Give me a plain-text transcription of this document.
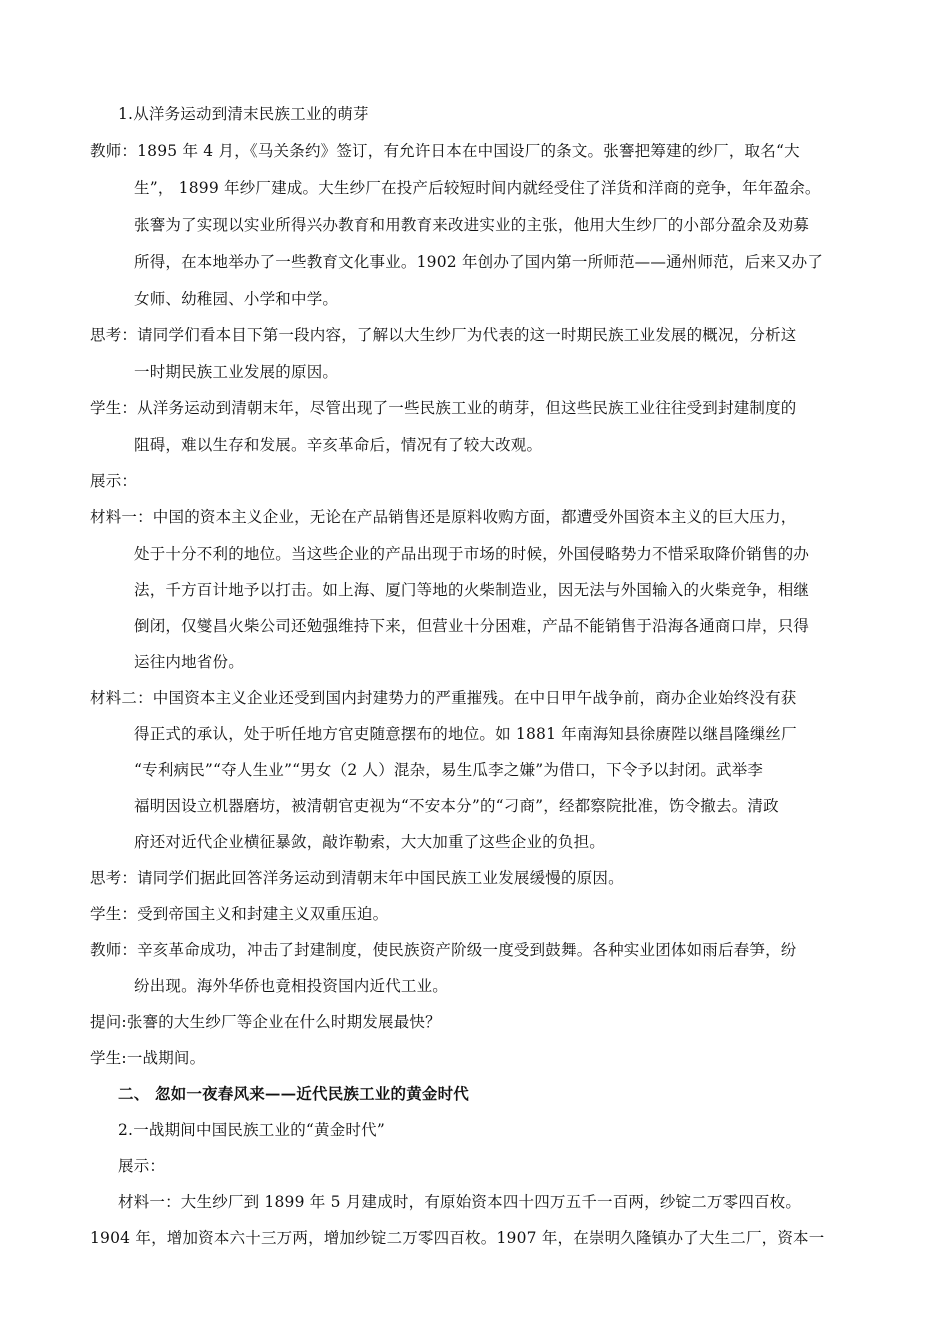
1.从洋务运动到清末民族工业的萌芽
教师：1895 年 4 月，《马关条约》签订，有允许日本在中国设厂的条文。张謇把筹建的纱厂，取名“大
生”， 1899 年纱厂建成。大生纱厂在投产后较短时间内就经受住了洋货和洋商的竞争，年年盈余。
张謇为了实现以实业所得兴办教育和用教育来改进实业的主张，他用大生纱厂的小部分盈余及劝募
所得，在本地举办了一些教育文化事业。1902 年创办了国内第一所师范——通州师范，后来又办了
女师、幼稚园、小学和中学。
思考：请同学们看本目下第一段内容，了解以大生纱厂为代表的这一时期民族工业发展的概况，分析这
一时期民族工业发展的原因。
学生：从洋务运动到清朝末年，尽管出现了一些民族工业的萌芽，但这些民族工业往往受到封建制度的
阻碍，难以生存和发展。辛亥革命后，情况有了较大改观。
展示：
材料一：中国的资本主义企业，无论在产品销售还是原料收购方面，都遭受外国资本主义的巨大压力，
处于十分不利的地位。当这些企业的产品出现于市场的时候，外国侵略势力不惜采取降价销售的办
法，千方百计地予以打击。如上海、厦门等地的火柴制造业，因无法与外国输入的火柴竞争，相继
倒闭，仅燮昌火柴公司还勉强维持下来，但营业十分困难，产品不能销售于沿海各通商口岸，只得
运往内地省份。
材料二：中国资本主义企业还受到国内封建势力的严重摧残。在中日甲午战争前，商办企业始终没有获
得正式的承认，处于听任地方官吏随意摆布的地位。如 1881 年南海知县徐赓陛以继昌隆缫丝厂
“专利病民”“夺人生业”“男女（2 人）混杂，易生瓜李之嫌”为借口，下令予以封闭。武举李
福明因设立机器磨坊，被清朝官吏视为“不安本分”的“刁商”，经都察院批准，饬令撤去。清政
府还对近代企业横征暴敛，敲诈勒索，大大加重了这些企业的负担。
思考：请同学们据此回答洋务运动到清朝末年中国民族工业发展缓慢的原因。
学生：受到帝国主义和封建主义双重压迫。
教师：辛亥革命成功，冲击了封建制度，使民族资产阶级一度受到鼓舞。各种实业团体如雨后春笋，纷
纷出现。海外华侨也竟相投资国内近代工业。
提问:张謇的大生纱厂等企业在什么时期发展最快？
学生:一战期间。
二、 忽如一夜春风来——近代民族工业的黄金时代
2.一战期间中国民族工业的“黄金时代”
展示：
材料一：大生纱厂到 1899 年 5 月建成时，有原始资本四十四万五千一百两，纱锭二万零四百枚。
1904 年，增加资本六十三万两，增加纱锭二万零四百枚。1907 年，在崇明久隆镇办了大生二厂，资本一
